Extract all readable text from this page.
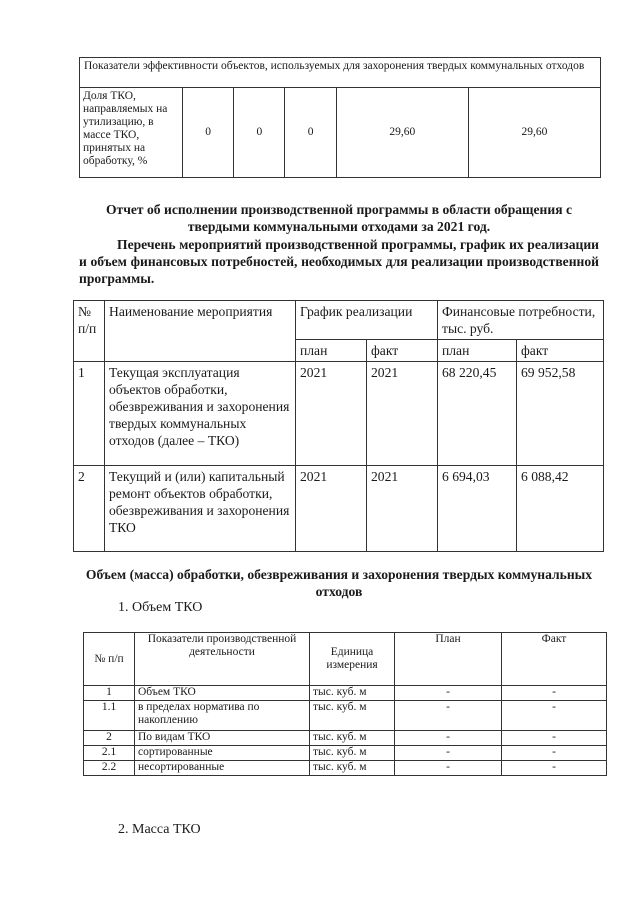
Показатели эффективности объектов, используемых для захоронения твердых коммунальных отходов
Доля ТКО, направляемых на утилизацию, в массе ТКО, принятых на обработку, %	0	0	0	29,60	29,60
Отчет об исполнении производственной программы в области обращения с твердыми коммунальными отходами за 2021 год.
Перечень мероприятий производственной программы, график их реализации и объем финансовых потребностей, необходимых для реализации производственной программы.
№ п/п	Наименование мероприятия	График реализации		Финансовые потребности, тыс. руб.	
		план	факт	план	факт
1	Текущая эксплуатация объектов обработки, обезвреживания и захоронения твердых коммунальных отходов (далее – ТКО)	2021	2021	68 220,45	69 952,58
2	Текущий и (или) капитальный ремонт объектов обработки, обезвреживания и захоронения ТКО	2021	2021	6 694,03	6 088,42
Объем (масса) обработки, обезвреживания и захоронения твердых коммунальных отходов
1. Объем ТКО
№ п/п	Показатели производственной деятельности	Единица измерения	План	Факт
1	Объем ТКО	тыс. куб. м	-	-
1.1	в пределах норматива по накоплению	тыс. куб. м	-	-
2	По видам ТКО	тыс. куб. м	-	-
2.1	сортированные	тыс. куб. м	-	-
2.2	несортированные	тыс. куб. м	-	-
2. Масса ТКО
